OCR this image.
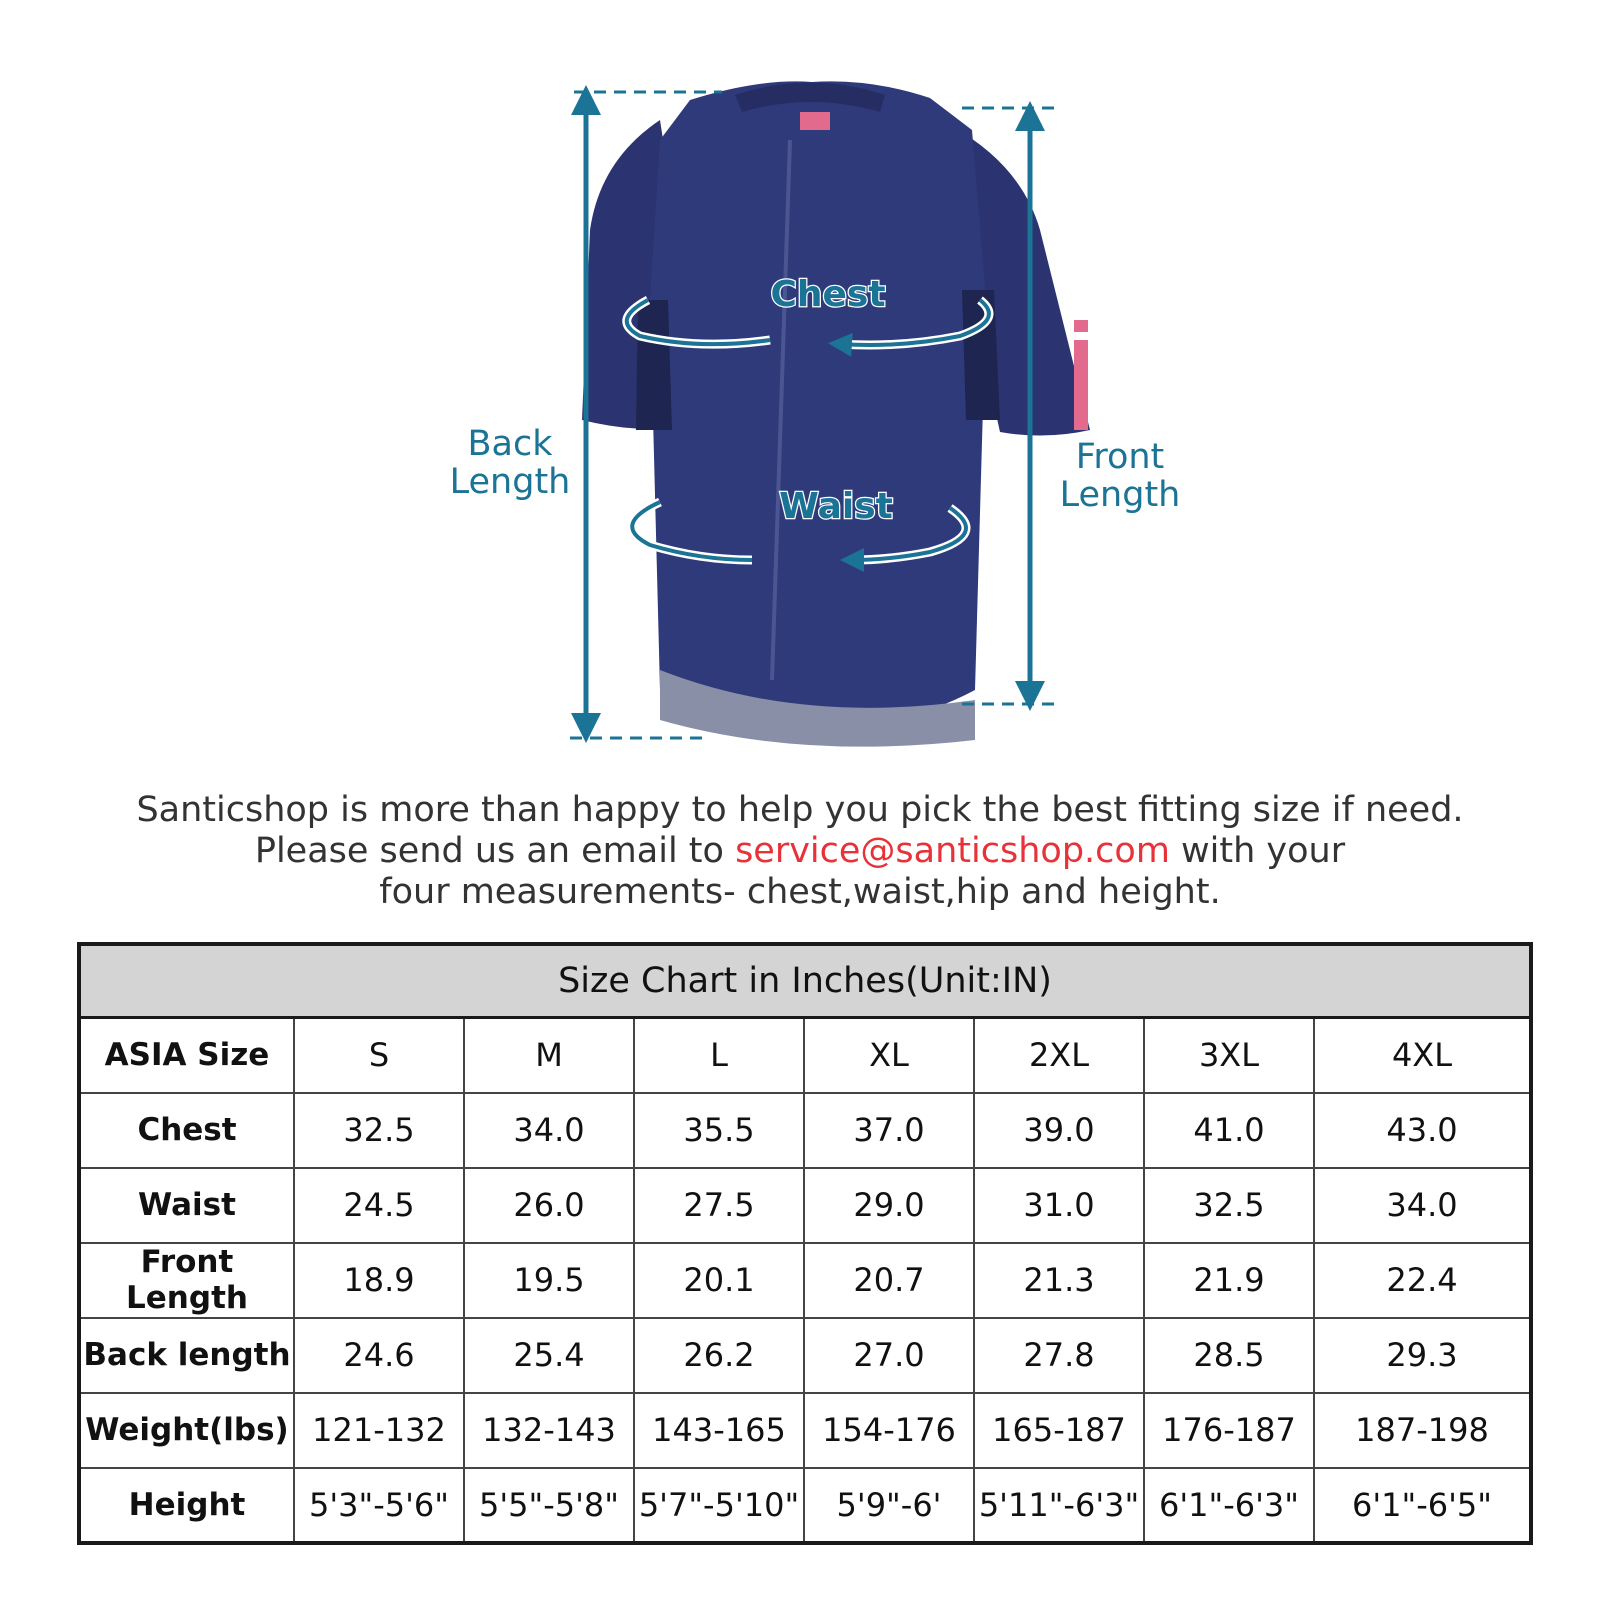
Chest
Waist
Back
Length
Front
Length
Santicshop is more than happy to help you pick the best fitting size if need.
Please send us an email to service@santicshop.com with your
four measurements- chest,waist,hip and height.
Size Chart in Inches(Unit:IN)							
ASIA Size	S	M	L	XL	2XL	3XL	4XL
Chest	32.5	34.0	35.5	37.0	39.0	41.0	43.0
Waist	24.5	26.0	27.5	29.0	31.0	32.5	34.0
Front Length	18.9	19.5	20.1	20.7	21.3	21.9	22.4
Back length	24.6	25.4	26.2	27.0	27.8	28.5	29.3
Weight(lbs)	121-132	132-143	143-165	154-176	165-187	176-187	187-198
Height	5'3"-5'6"	5'5"-5'8"	5'7"-5'10"	5'9"-6'	5'11"-6'3"	6'1"-6'3"	6'1"-6'5"
